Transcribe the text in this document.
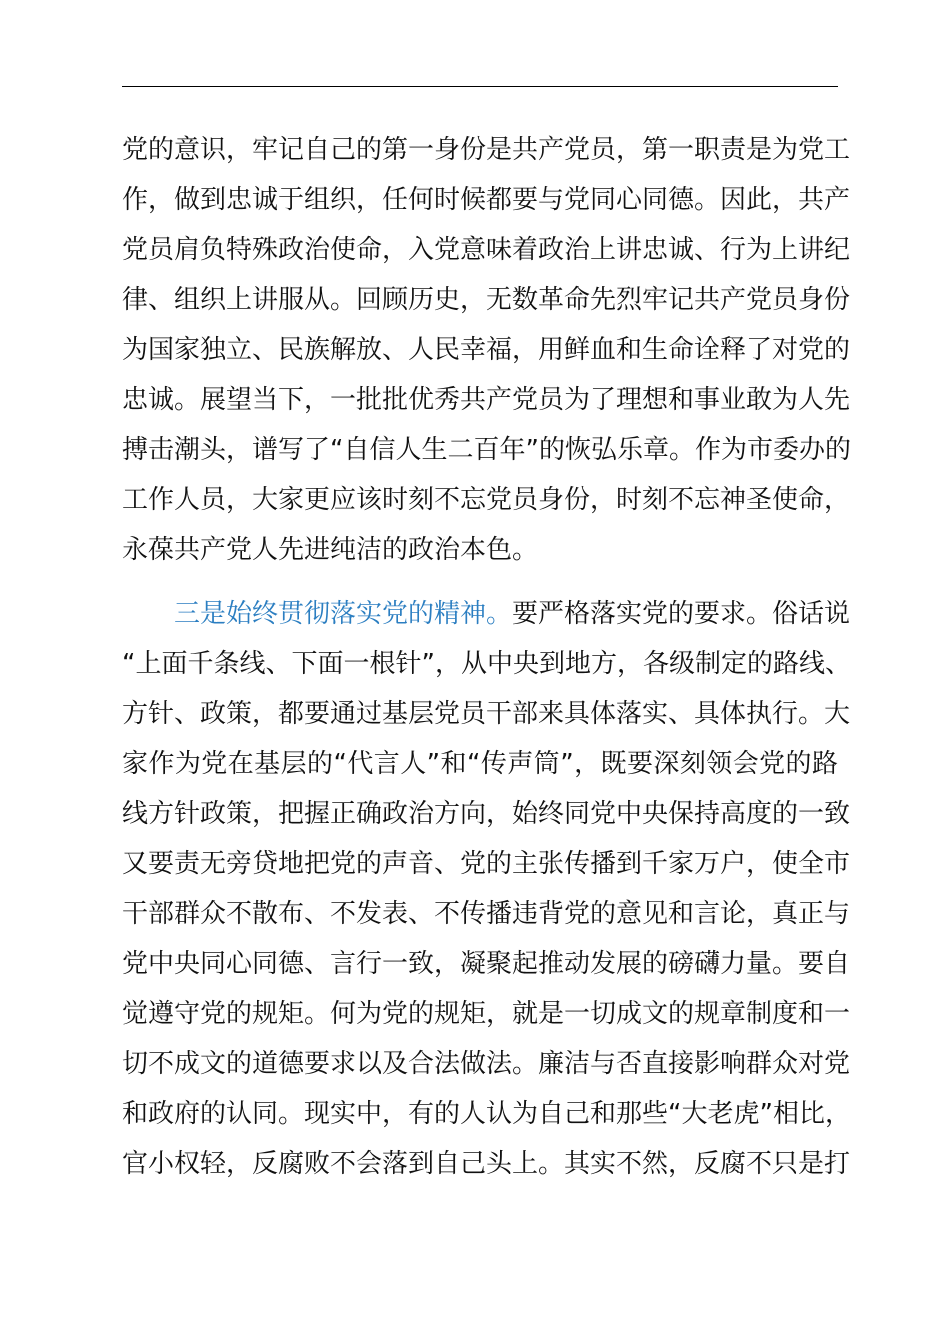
党的意识，牢记自己的第一身份是共产党员，第一职责是为党工
作，做到忠诚于组织，任何时候都要与党同心同德。因此，共产
党员肩负特殊政治使命，入党意味着政治上讲忠诚、行为上讲纪
律、组织上讲服从。回顾历史，无数革命先烈牢记共产党员身份
为国家独立、民族解放、人民幸福，用鲜血和生命诠释了对党的
忠诚。展望当下，一批批优秀共产党员为了理想和事业敢为人先
搏击潮头，谱写了“自信人生二百年”的恢弘乐章。作为市委办的
工作人员，大家更应该时刻不忘党员身份，时刻不忘神圣使命，
永葆共产党人先进纯洁的政治本色。
三是始终贯彻落实党的精神。要严格落实党的要求。俗话说
“上面千条线、下面一根针”，从中央到地方，各级制定的路线、
方针、政策，都要通过基层党员干部来具体落实、具体执行。大
家作为党在基层的“代言人”和“传声筒”，既要深刻领会党的路
线方针政策，把握正确政治方向，始终同党中央保持高度的一致
又要责无旁贷地把党的声音、党的主张传播到千家万户，使全市
干部群众不散布、不发表、不传播违背党的意见和言论，真正与
党中央同心同德、言行一致，凝聚起推动发展的磅礴力量。要自
觉遵守党的规矩。何为党的规矩，就是一切成文的规章制度和一
切不成文的道德要求以及合法做法。廉洁与否直接影响群众对党
和政府的认同。现实中，有的人认为自己和那些“大老虎”相比，
官小权轻，反腐败不会落到自己头上。其实不然，反腐不只是打
